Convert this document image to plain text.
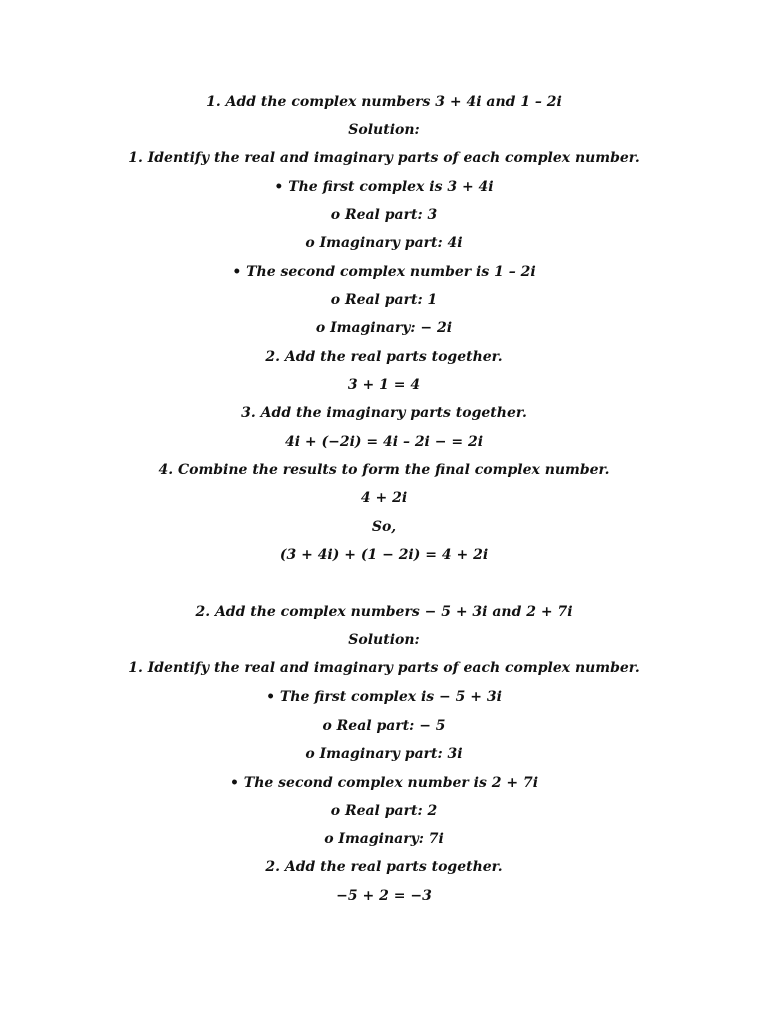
1. Add the complex numbers 3 + 4i and 1 – 2i
Solution:
1. Identify the real and imaginary parts of each complex number.
• The first complex is 3 + 4i
o Real part: 3
o Imaginary part: 4i
• The second complex number is 1 – 2i
o Real part: 1
o Imaginary: − 2i
2. Add the real parts together.
3 + 1 = 4
3. Add the imaginary parts together.
4i + (−2i) = 4i – 2i − = 2i
4. Combine the results to form the final complex number.
4 + 2i
So,
(3 + 4i) + (1 − 2i) = 4 + 2i
2. Add the complex numbers − 5 + 3i and 2 + 7i
Solution:
1. Identify the real and imaginary parts of each complex number.
• The first complex is − 5 + 3i
o Real part: − 5
o Imaginary part: 3i
• The second complex number is 2 + 7i
o Real part: 2
o Imaginary: 7i
2. Add the real parts together.
−5 + 2 = −3
